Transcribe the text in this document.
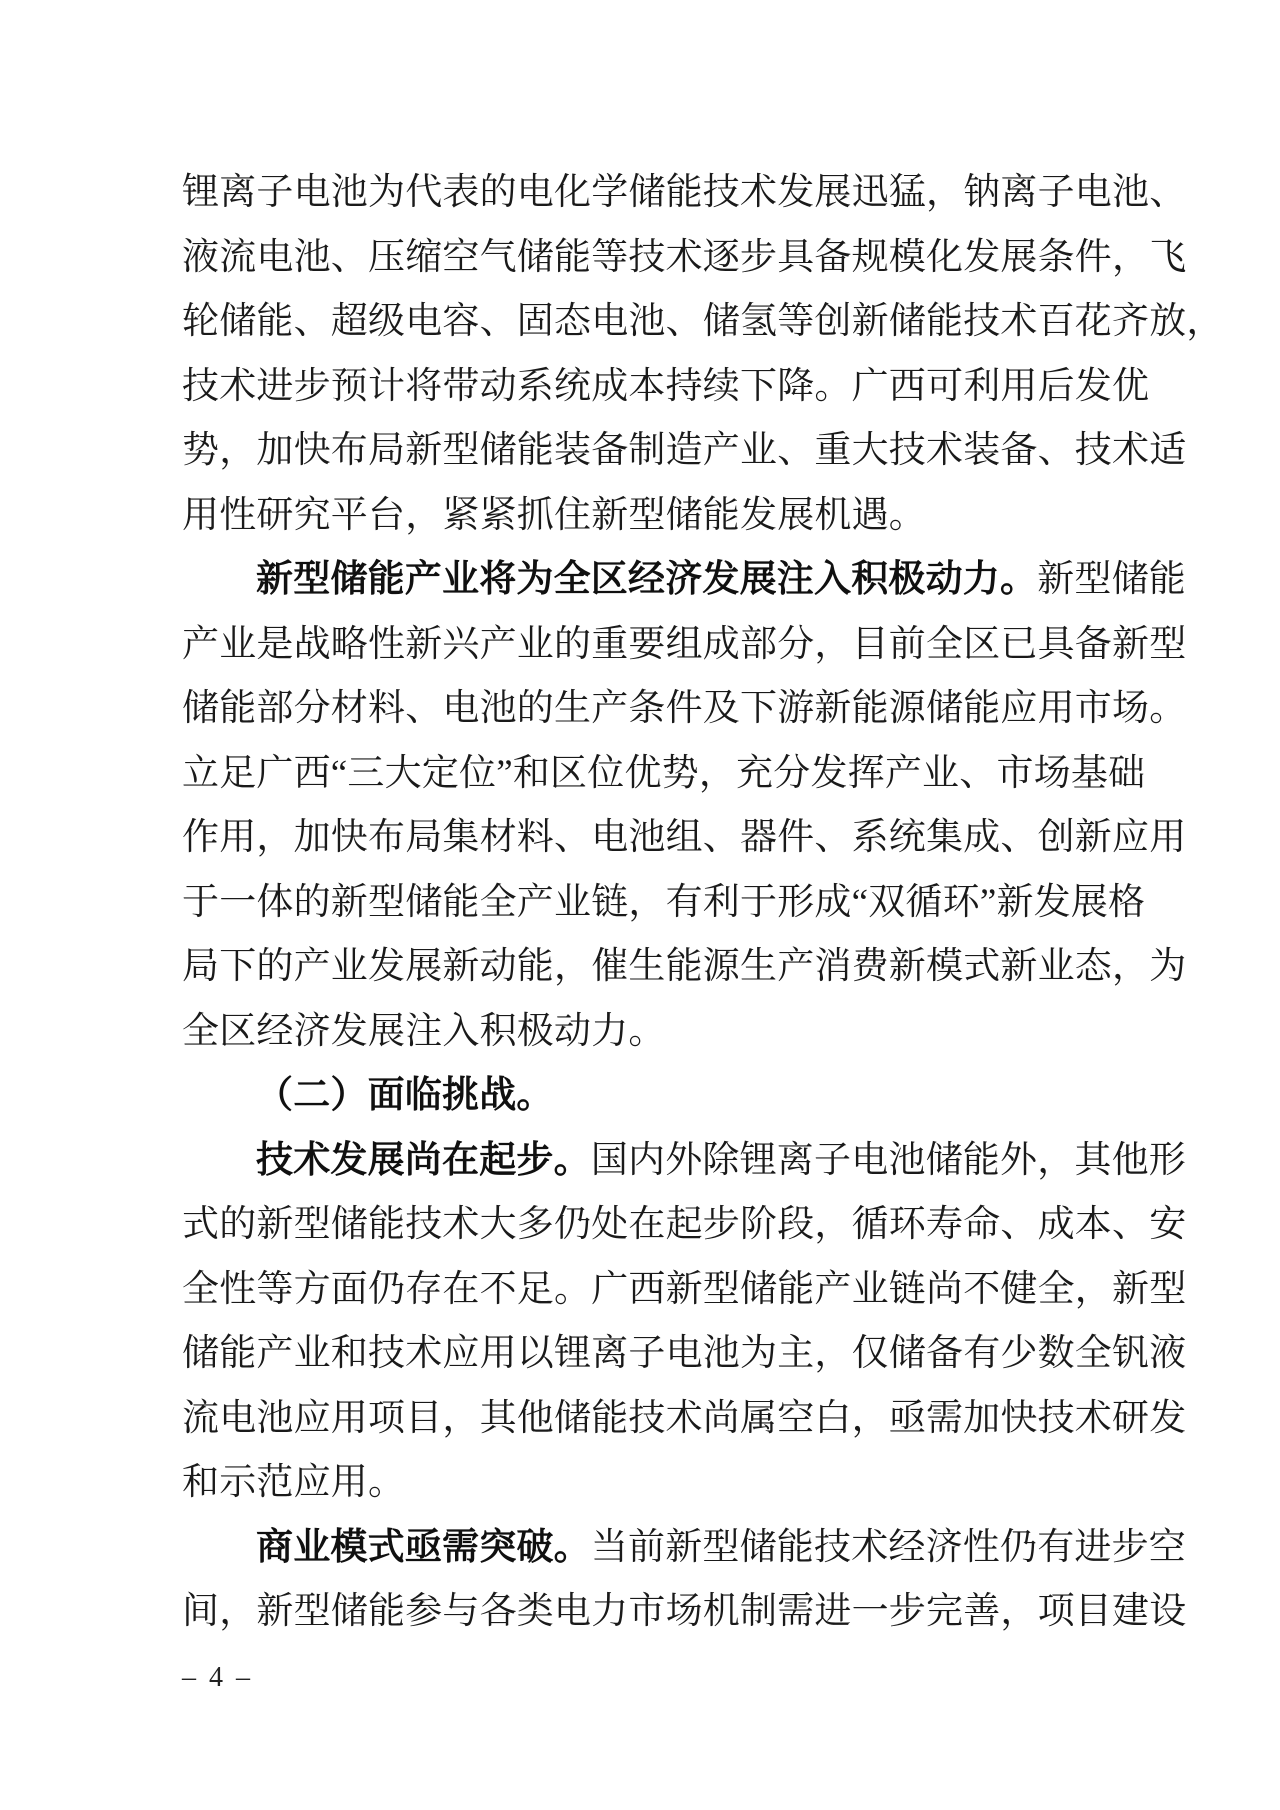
锂离子电池为代表的电化学储能技术发展迅猛，钠离子电池、
液流电池、压缩空气储能等技术逐步具备规模化发展条件，飞
轮储能、超级电容、固态电池、储氢等创新储能技术百花齐放，
技术进步预计将带动系统成本持续下降。广西可利用后发优
势，加快布局新型储能装备制造产业、重大技术装备、技术适
用性研究平台，紧紧抓住新型储能发展机遇。
新型储能产业将为全区经济发展注入积极动力。新型储能
产业是战略性新兴产业的重要组成部分，目前全区已具备新型
储能部分材料、电池的生产条件及下游新能源储能应用市场。
立足广西“三大定位”和区位优势，充分发挥产业、市场基础
作用，加快布局集材料、电池组、器件、系统集成、创新应用
于一体的新型储能全产业链，有利于形成“双循环”新发展格
局下的产业发展新动能，催生能源生产消费新模式新业态，为
全区经济发展注入积极动力。
（二）面临挑战。
技术发展尚在起步。国内外除锂离子电池储能外，其他形
式的新型储能技术大多仍处在起步阶段，循环寿命、成本、安
全性等方面仍存在不足。广西新型储能产业链尚不健全，新型
储能产业和技术应用以锂离子电池为主，仅储备有少数全钒液
流电池应用项目，其他储能技术尚属空白，亟需加快技术研发
和示范应用。
商业模式亟需突破。当前新型储能技术经济性仍有进步空
间，新型储能参与各类电力市场机制需进一步完善，项目建设
– 4 –
